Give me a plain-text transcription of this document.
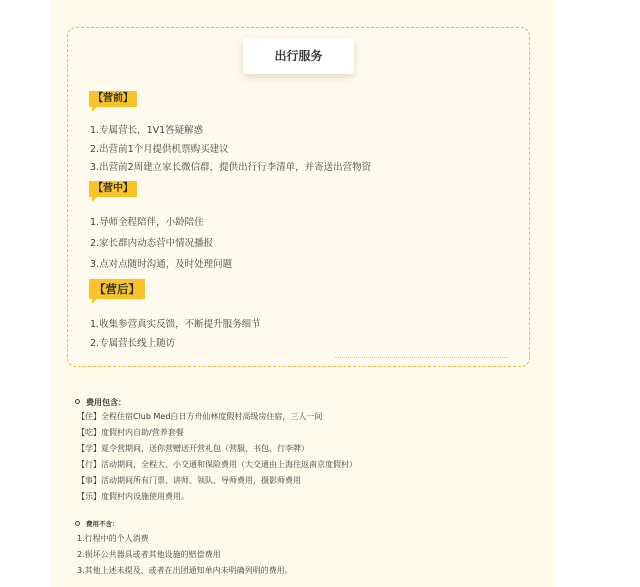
出行服务
【营前】
1.专属营长，1V1答疑解惑
2.出营前1个月提供机票购买建议
3.出营前2周建立家长微信群，提供出行行李清单，并寄送出营物资
【营中】
1.导师全程陪伴，小龄陪住
2.家长群内动态营中情况播报
3.点对点随时沟通，及时处理问题
【营后】
1.收集参营真实反馈，不断提升服务细节
2.专属营长线上随访
费用包含：
【住】全程住宿Club Med白日方舟仙林度假村高级房住宿，三人一间
【吃】度假村内自助/营养套餐
【学】夏令营期间，送你营赠送开营礼包（营服、书包、行李牌）
【行】活动期间，全程大、小交通和保险费用（大交通由上海往返南京度假村）
【事】活动期间所有门票、讲师、领队、导师费用，摄影师费用
【乐】度假村内设施使用费用。
费用不含：
1.行程中的个人消费
2.损坏公共器具或者其他设施的赔偿费用
3.其他上述未提及，或者在出团通知单内未明确列明的费用。
